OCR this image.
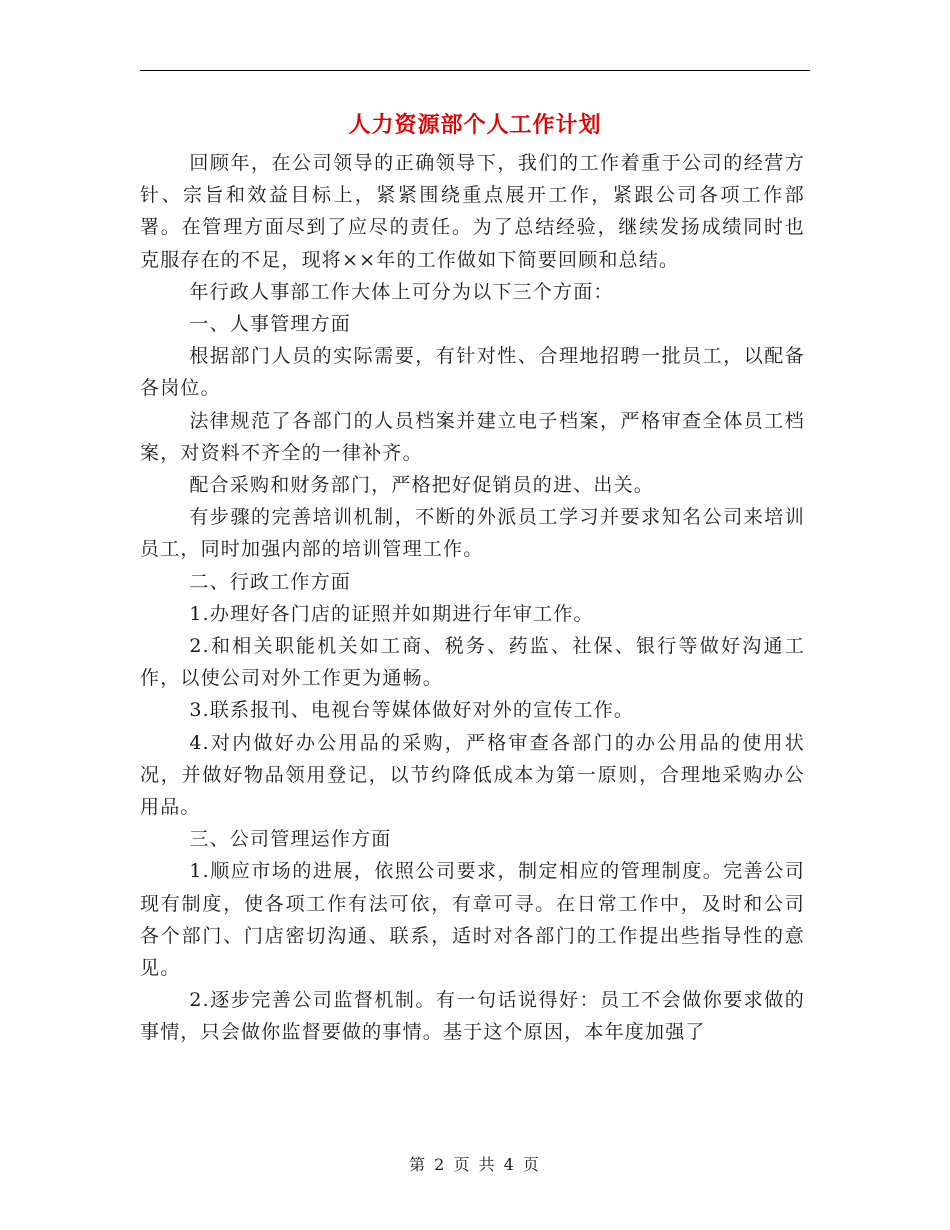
人力资源部个人工作计划

回顾年，在公司领导的正确领导下，我们的工作着重于公司的经营方针、宗旨和效益目标上，紧紧围绕重点展开工作，紧跟公司各项工作部署。在管理方面尽到了应尽的责任。为了总结经验，继续发扬成绩同时也克服存在的不足，现将××年的工作做如下简要回顾和总结。

年行政人事部工作大体上可分为以下三个方面：

一、人事管理方面

根据部门人员的实际需要，有针对性、合理地招聘一批员工，以配备各岗位。

法律规范了各部门的人员档案并建立电子档案，严格审查全体员工档案，对资料不齐全的一律补齐。

配合采购和财务部门，严格把好促销员的进、出关。

有步骤的完善培训机制，不断的外派员工学习并要求知名公司来培训员工，同时加强内部的培训管理工作。

二、行政工作方面

1.办理好各门店的证照并如期进行年审工作。

2.和相关职能机关如工商、税务、药监、社保、银行等做好沟通工作，以使公司对外工作更为通畅。

3.联系报刊、电视台等媒体做好对外的宣传工作。

4.对内做好办公用品的采购，严格审查各部门的办公用品的使用状况，并做好物品领用登记，以节约降低成本为第一原则，合理地采购办公用品。

三、公司管理运作方面

1.顺应市场的进展，依照公司要求，制定相应的管理制度。完善公司现有制度，使各项工作有法可依，有章可寻。在日常工作中，及时和公司各个部门、门店密切沟通、联系，适时对各部门的工作提出些指导性的意见。

2.逐步完善公司监督机制。有一句话说得好：员工不会做你要求做的事情，只会做你监督要做的事情。基于这个原因，本年度加强了

第 2 页 共 4 页
